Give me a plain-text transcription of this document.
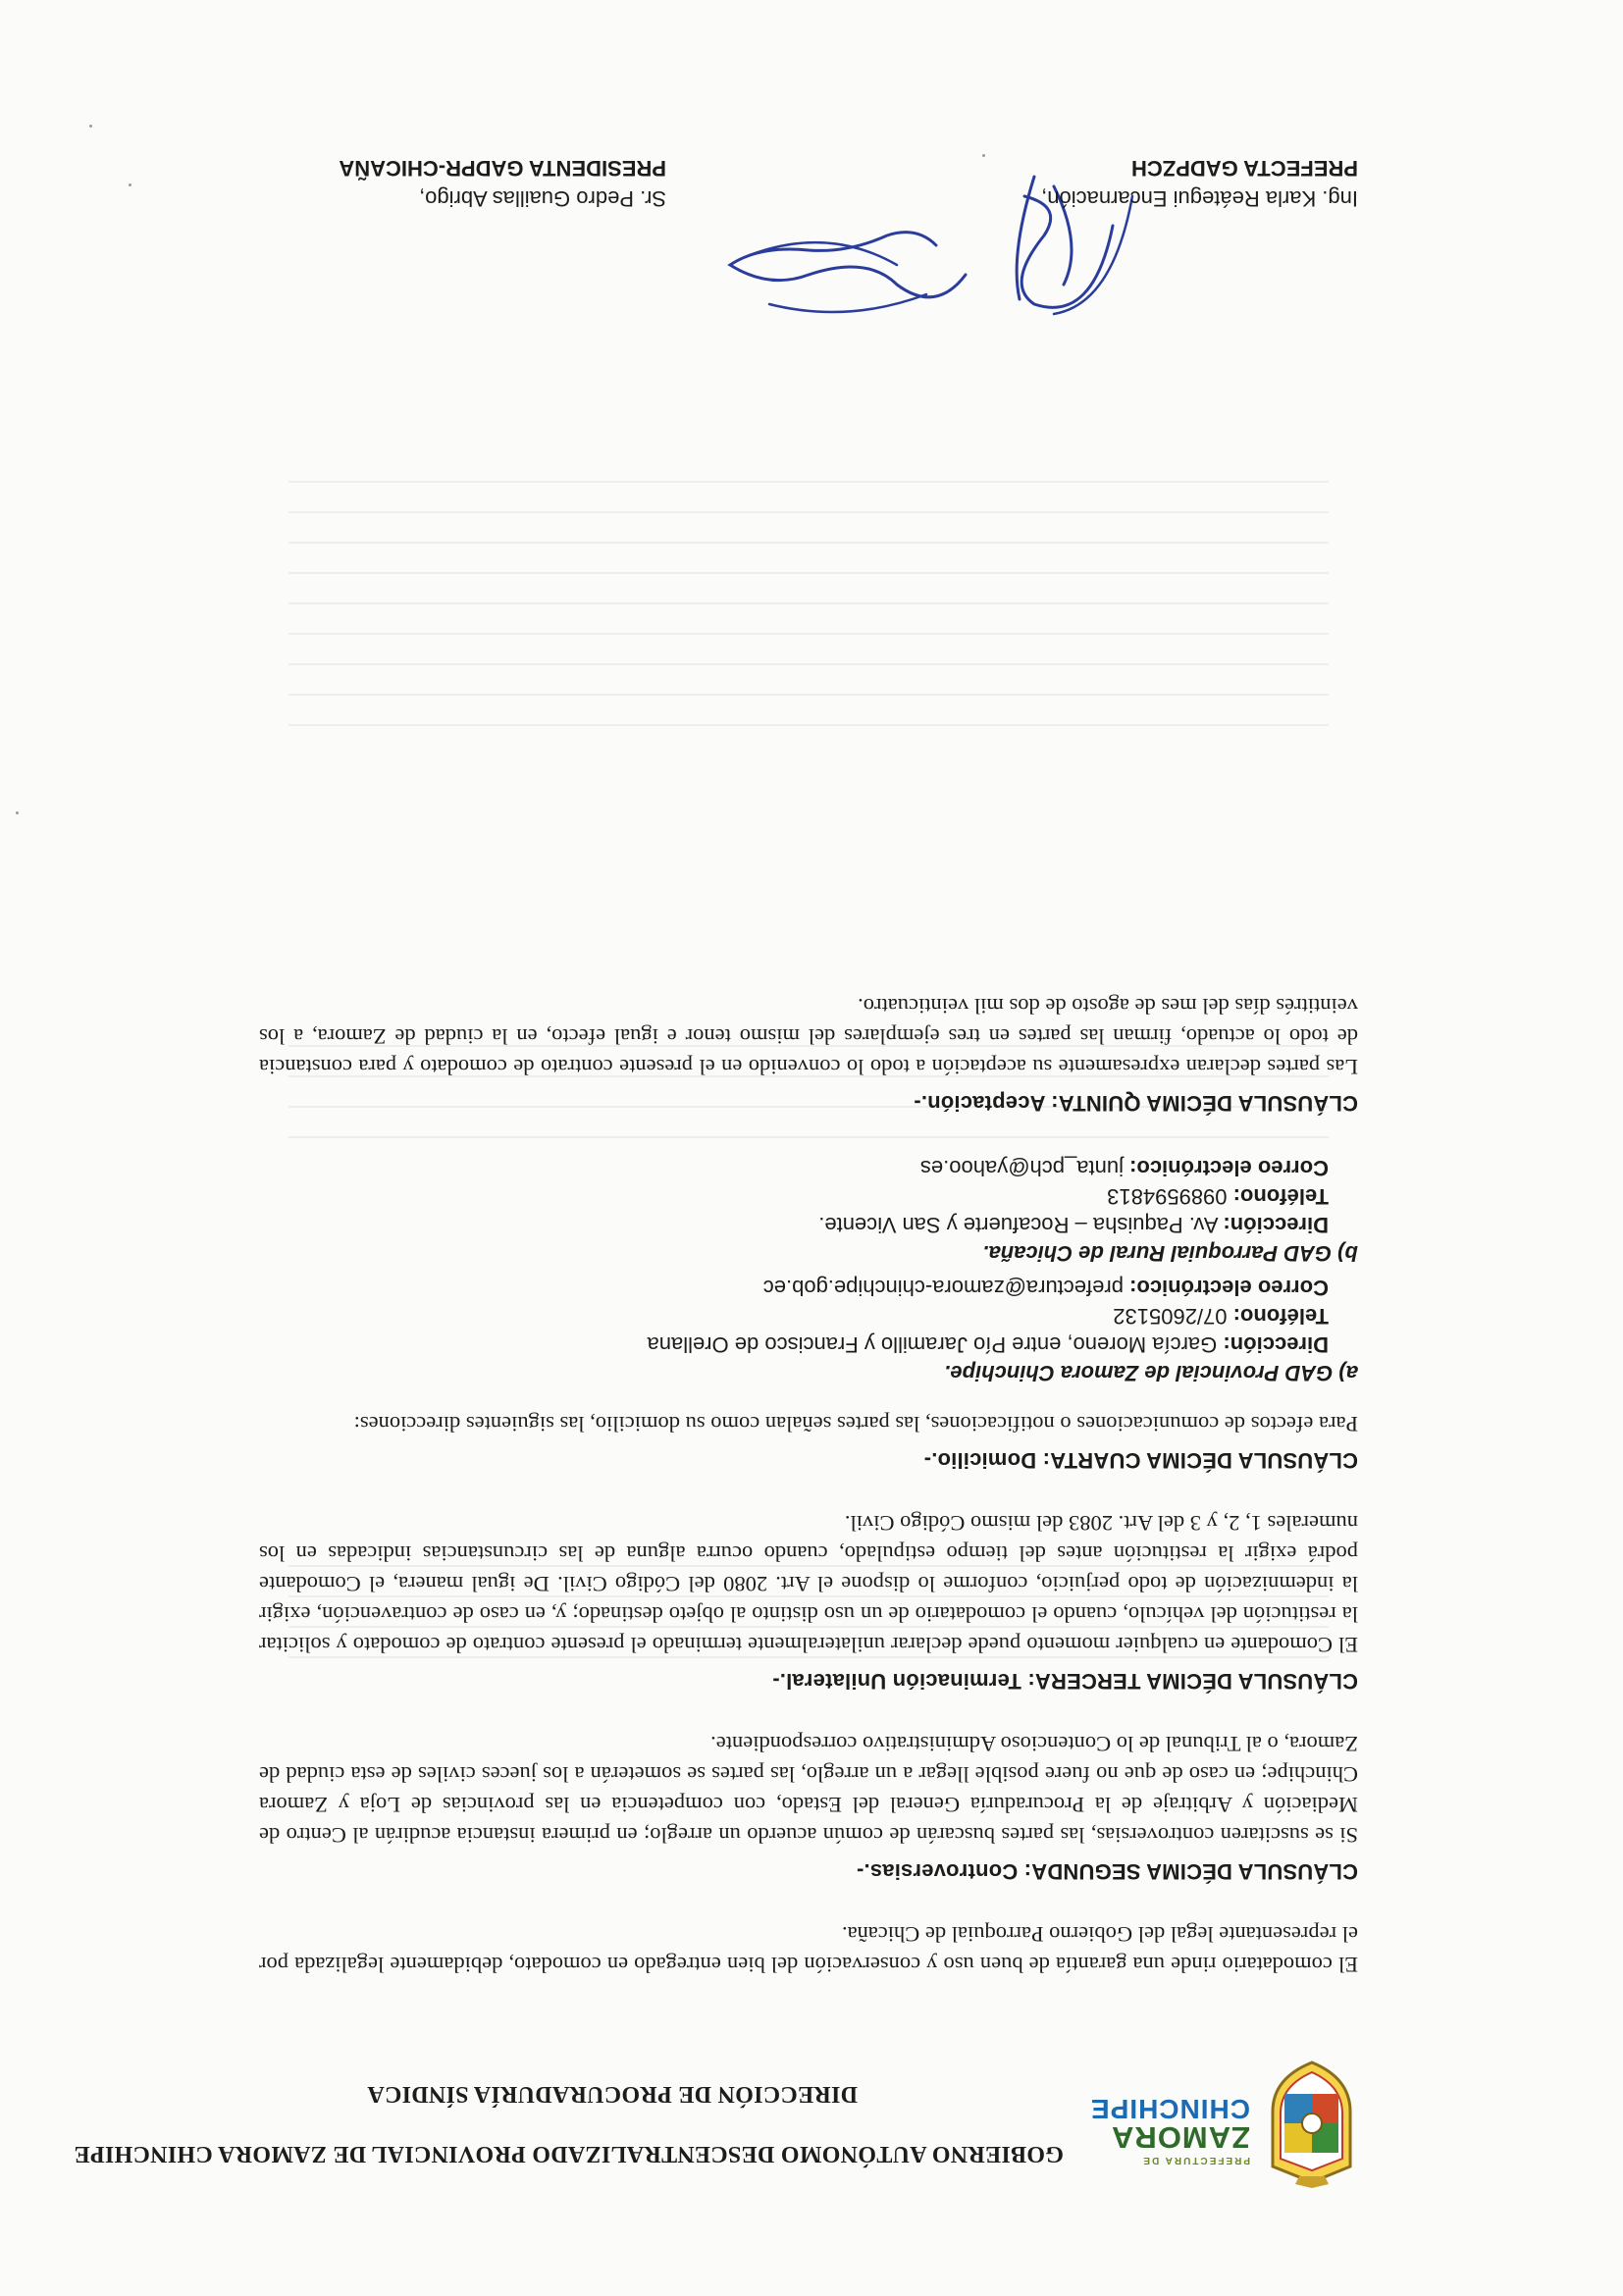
PREFECTURA DE
ZAMORA
CHINCHIPE
GOBIERNO AUTÓNOMO DESCENTRALIZADO PROVINCIAL DE ZAMORA CHINCHIPE
DIRECCIÓN DE PROCURADURÍA SÍNDICA

El comodatario rinde una garantía de buen uso y conservación del bien entregado en comodato, debidamente legalizada por el representante legal del Gobierno Parroquial de Chicaña.

CLÁUSULA DÉCIMA SEGUNDA: Controversias.-

Si se suscitaren controversias, las partes buscarán de común acuerdo un arreglo; en primera instancia acudirán al Centro de Mediación y Arbitraje de la Procuraduría General del Estado, con competencia en las provincias de Loja y Zamora Chinchipe; en caso de que no fuere posible llegar a un arreglo, las partes se someterán a los jueces civiles de esta ciudad de Zamora, o al Tribunal de lo Contencioso Administrativo correspondiente.

CLÁUSULA DÉCIMA TERCERA: Terminación Unilateral.-

El Comodante en cualquier momento puede declarar unilateralmente terminado el presente contrato de comodato y solicitar la restitución del vehículo, cuando el comodatario de un uso distinto al objeto destinado; y, en caso de contravención, exigir la indemnización de todo perjuicio, conforme lo dispone el Art. 2080 del Código Civil. De igual manera, el Comodante podrá exigir la restitución antes del tiempo estipulado, cuando ocurra alguna de las circunstancias indicadas en los numerales 1, 2, y 3 del Art. 2083 del mismo Código Civil.

CLÁUSULA DÉCIMA CUARTA: Domicilio.-

Para efectos de comunicaciones o notificaciones, las partes señalan como su domicilio, las siguientes direcciones:

a) GAD Provincial de Zamora Chinchipe.
Dirección: García Moreno, entre Pío Jaramillo y Francisco de Orellana
Teléfono: 07/2605132
Correo electrónico: prefectura@zamora-chinchipe.gob.ec
b) GAD Parroquial Rural de Chicaña.
Dirección: Av. Paquisha – Rocafuerte y San Vicente.
Teléfono: 0989594813
Correo electrónico: junta_pch@yahoo.es

CLÁUSULA DÉCIMA QUINTA: Aceptación.-

Las partes declaran expresamente su aceptación a todo lo convenido en el presente contrato de comodato y para constancia de todo lo actuado, firman las partes en tres ejemplares del mismo tenor e igual efecto, en la ciudad de Zamora, a los veintitrés días del mes de agosto de dos mil veinticuatro.

Ing. Karla Reátegui Encarnación,
PREFECTA GADPZCH
Sr. Pedro Guaillas Abrigo,
PRESIDENTA GADPR-CHICAÑA
